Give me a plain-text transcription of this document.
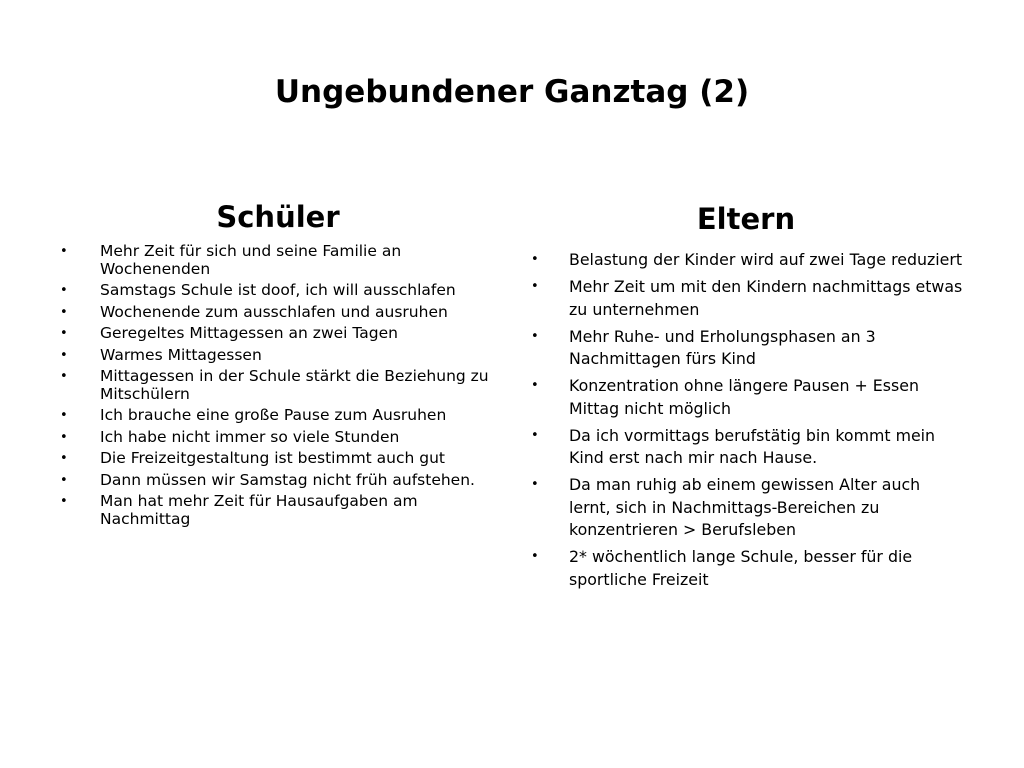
Ungebundener Ganztag (2)
Schüler
• Mehr Zeit für sich und seine Familie an Wochenenden
• Samstags Schule ist doof, ich will ausschlafen
• Wochenende zum ausschlafen und ausruhen
• Geregeltes Mittagessen an zwei Tagen
• Warmes Mittagessen
• Mittagessen in der Schule stärkt die Beziehung zu Mitschülern
• Ich brauche eine große Pause zum Ausruhen
• Ich habe nicht immer so viele Stunden
• Die Freizeitgestaltung ist bestimmt auch gut
• Dann müssen wir Samstag nicht früh aufstehen.
• Man hat mehr Zeit für Hausaufgaben am Nachmittag
Eltern
• Belastung der Kinder wird auf zwei Tage reduziert
• Mehr Zeit um mit den Kindern nachmittags etwas zu unternehmen
• Mehr Ruhe- und Erholungsphasen an 3 Nachmittagen fürs Kind
• Konzentration ohne längere Pausen + Essen Mittag nicht möglich
• Da ich vormittags berufstätig bin kommt mein Kind erst nach mir nach Hause.
• Da man ruhig ab einem gewissen Alter auch lernt, sich in Nachmittags-Bereichen zu konzentrieren > Berufsleben
• 2* wöchentlich lange Schule, besser für die sportliche Freizeit
